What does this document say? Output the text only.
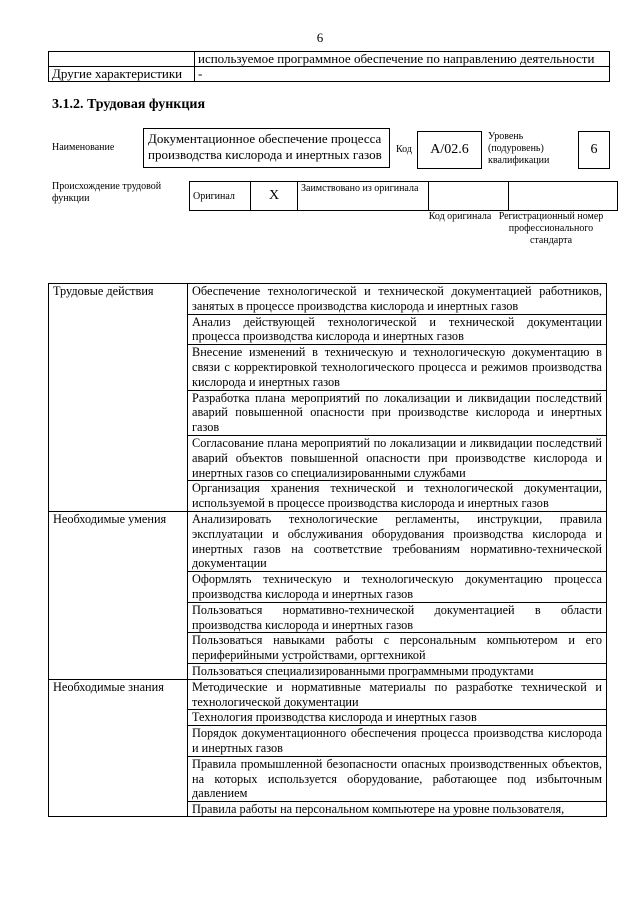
6
	используемое программное обеспечение по направлению деятельности
Другие характеристики	-
3.1.2. Трудовая функция
Наименование
Документационное обеспечение процесса производства кислорода и инертных газов	Код	А/02.6
Уровень (подуровень) квалификации
6
Происхождение трудовой функции	Оригинал	X	Заимствовано из оригинала		
Код оригинала Регистрационный номер профессионального стандарта
Трудовые действия	Обеспечение технологической и технической документацией работников, занятых в процессе производства кислорода и инертных газов
	Анализ действующей технологической и технической документации процесса производства кислорода и инертных газов
	Внесение изменений в техническую и технологическую документацию в связи с корректировкой технологического процесса и режимов производства кислорода и инертных газов
	Разработка плана мероприятий по локализации и ликвидации последствий аварий повышенной опасности при производстве кислорода и инертных газов
	Согласование плана мероприятий по локализации и ликвидации последствий аварий объектов повышенной опасности при производстве кислорода и инертных газов со специализированными службами
	Организация хранения технической и технологической документации, используемой в процессе производства кислорода и инертных газов
Необходимые умения	Анализировать технологические регламенты, инструкции, правила эксплуатации и обслуживания оборудования производства кислорода и инертных газов на соответствие требованиям нормативно-технической документации
	Оформлять техническую и технологическую документацию процесса производства кислорода и инертных газов
	Пользоваться нормативно-технической документацией в области производства кислорода и инертных газов
	Пользоваться навыками работы с персональным компьютером и его периферийными устройствами, оргтехникой
	Пользоваться специализированными программными продуктами
Необходимые знания	Методические и нормативные материалы по разработке технической и технологической документации
	Технология производства кислорода и инертных газов
	Порядок документационного обеспечения процесса производства кислорода и инертных газов
	Правила промышленной безопасности опасных производственных объектов, на которых используется оборудование, работающее под избыточным давлением

	Правила работы на персональном компьютере на уровне пользователя,
